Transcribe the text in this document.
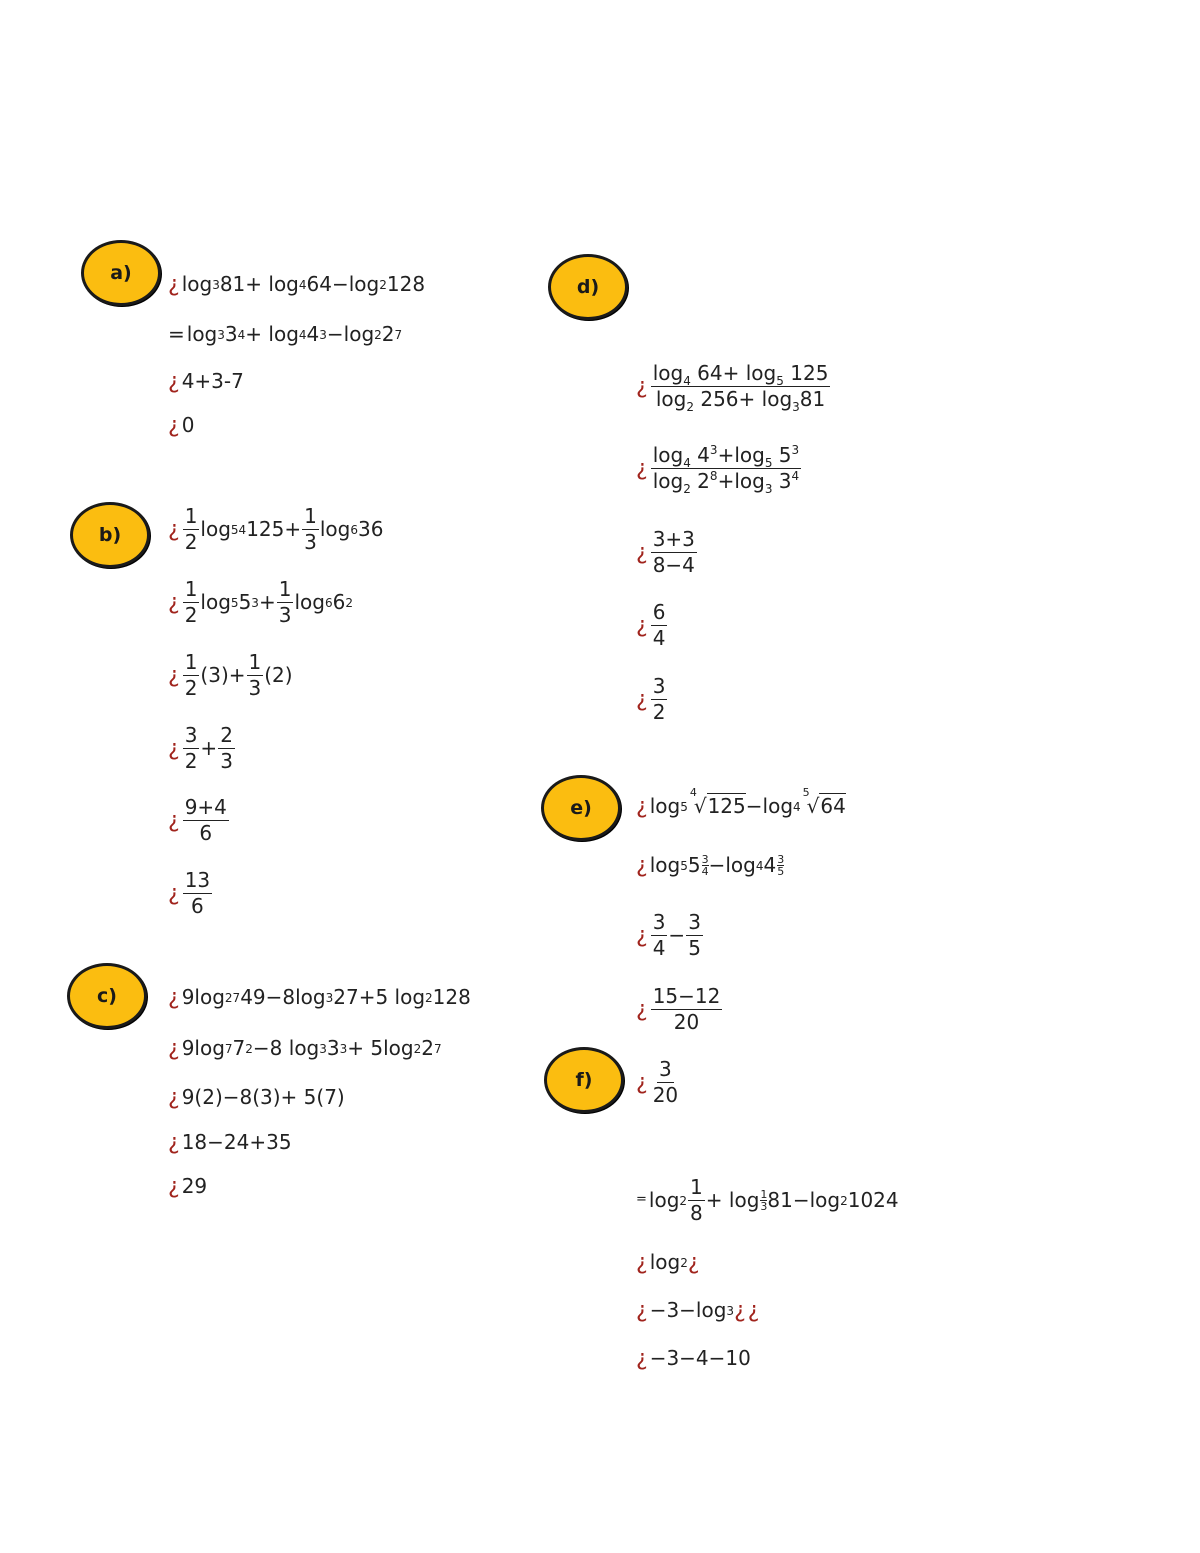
a)
b)
c)
d)
e)
f)
¿ log 3 81+ log 4 64−log 2 128
= log 3 3 4 + log 4 4 3 −log 2 2 7
¿ 4+3-7
¿ 0
¿ $\frac{1}{2}$ log 54 $125+ \frac{1}{3}$ log 6 36
¿ $\frac{1}{2}$ log 5 5 $3 + \frac{1}{3}$ log 6 6 2
¿ $\frac{1}{2} (3)+ \frac{1}{3} (2)$
¿ $\frac{3}{2} + \frac{2}{3}$
¿ $\frac{9+4}{6}$
¿ $\frac{13}{6}$
¿ 9log 27 49−8log 3 27+5 log 2 128
¿ 9log 7 7 2 −8 log 3 3 3 + 5log 2 2 7
¿ 9(2)−8(3)+ 5(7)
¿ 18−24+35
¿ 29
¿ $\frac{\log_4 64+ \log_5 125}{\log_2 256+ \log_381}$
¿ $\frac{\log_4 4^3+\log_5 5^3}{\log_2 2^8+\log_3 3^4}$
¿ $\frac{3+3}{8-4}$
¿ $\frac{6}{4}$
¿ $\frac{3}{2}$
¿ log 5
4
√125 −log 4
5
√64
¿ log 5 $5 \frac{3}{4} -\log$ 4 $4 \frac{3}{5}$
¿ $\frac{3}{4} - \frac{3}{5}$
¿ $\frac{15-12}{20}$
¿ $\frac{3}{20}$
= $\log 2 \frac{1}{8} + \log \frac{1}{3} 81-\log$ 2 1024
¿ log 2 ¿
¿ −3−log 3 ¿ ¿
¿ −3−4−10
